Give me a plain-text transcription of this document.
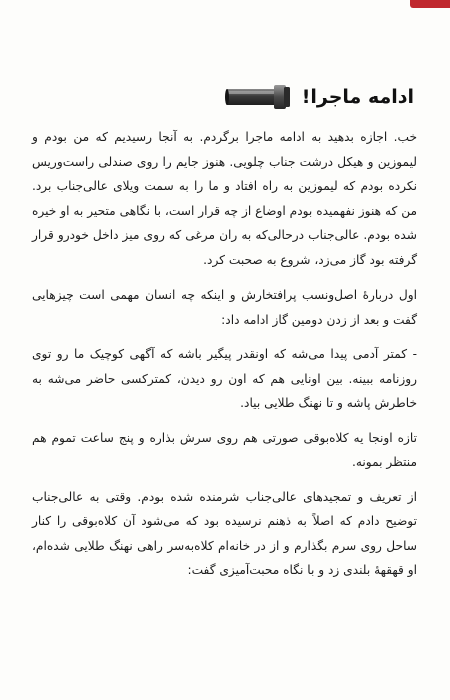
ادامه ماجرا!

خب. اجازه بدهید به ادامه ماجرا برگردم. به آنجا رسیدیم که من بودم و لیموزین و هیکل درشت جناب چلویی. هنوز جایم را روی صندلی راست‌وریس نکرده بودم که لیموزین به راه افتاد و ما را به سمت ویلای عالی‌جناب برد. من که هنوز نفهمیده بودم اوضاع از چه قرار است، با نگاهی متحیر به او خیره شده بودم. عالی‌جناب درحالی‌که به ران مرغی که روی میز داخل خودرو قرار گرفته بود گاز می‌زد، شروع به صحبت کرد.

اول دربارهٔ اصل‌ونسب پرافتخارش و اینکه چه انسان مهمی است چیزهایی گفت و بعد از زدن دومین گاز ادامه داد:

- کمتر آدمی پیدا می‌شه که اونقدر پیگیر باشه که آگهی کوچیک ما رو توی روزنامه ببینه. بین اونایی هم که اون رو دیدن، کمترکسی حاضر می‌شه به خاطرش پاشه و تا نهنگ طلایی بیاد.

تازه اونجا یه کلاه‌بوقی صورتی هم روی سرش بذاره و پنج ساعت تموم هم منتظر بمونه.

از تعریف و تمجیدهای عالی‌جناب شرمنده شده بودم. وقتی به عالی‌جناب توضیح دادم که اصلاً به ذهنم نرسیده بود که می‌شود آن کلاه‌بوقی را کنار ساحل روی سرم بگذارم و از در خانه‌ام کلاه‌به‌سر راهی نهنگ طلایی شده‌ام، او قهقههٔ بلندی زد و با نگاه محبت‌آمیزی گفت:
